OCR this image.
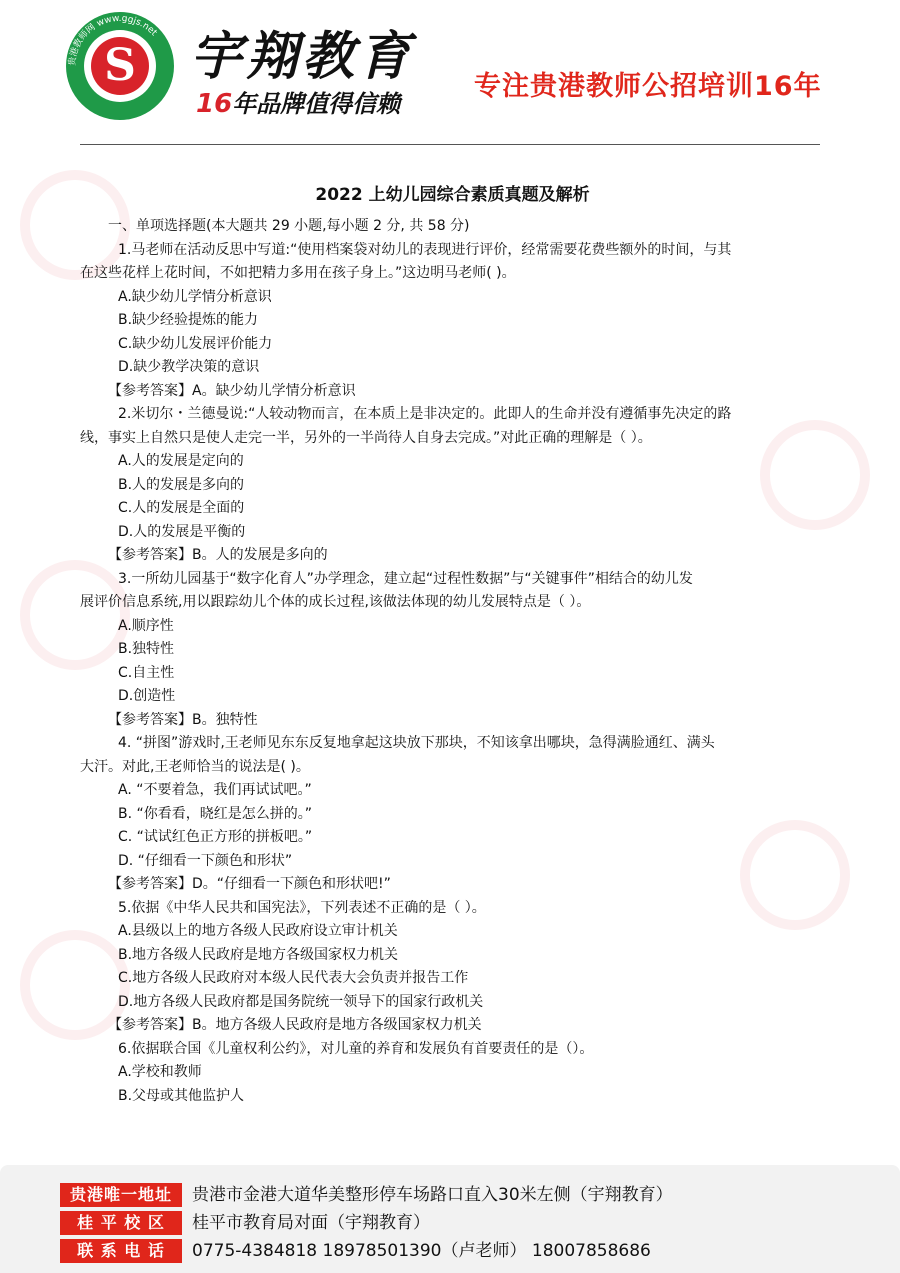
贵港教师网 www.ggjs.net
S 宇翔教育
16年品牌值得信赖
专注贵港教师公招培训16年

2022 上幼儿园综合素质真题及解析

一、单项选择题(本大题共 29 小题,每小题 2 分, 共 58 分)

1.马老师在活动反思中写道:“使用档案袋对幼儿的表现进行评价，经常需要花费些额外的时间，与其

在这些花样上花时间，不如把精力多用在孩子身上。”这边明马老师( )。

A.缺少幼儿学情分析意识

B.缺少经验提炼的能力

C.缺少幼儿发展评价能力

D.缺少教学决策的意识

【参考答案】A。缺少幼儿学情分析意识

2.米切尔・兰德曼说:“人较动物而言，在本质上是非决定的。此即人的生命并没有遵循事先决定的路

线，事实上自然只是使人走完一半，另外的一半尚待人自身去完成。”对此正确的理解是（ ）。

A.人的发展是定向的

B.人的发展是多向的

C.人的发展是全面的

D.人的发展是平衡的

【参考答案】B。人的发展是多向的

3.一所幼儿园基于“数字化育人”办学理念，建立起“过程性数据”与“关键事件”相结合的幼儿发

展评价信息系统,用以跟踪幼儿个体的成长过程,该做法体现的幼儿发展特点是（ ）。

A.顺序性

B.独特性

C.自主性

D.创造性

【参考答案】B。独特性

4. “拼图”游戏时,王老师见东东反复地拿起这块放下那块，不知该拿出哪块，急得满脸通红、满头

大汗。对此,王老师恰当的说法是( )。

A. “不要着急，我们再试试吧。”

B. “你看看，晓红是怎么拼的。”

C. “试试红色正方形的拼板吧。”

D. “仔细看一下颜色和形状”

【参考答案】D。“仔细看一下颜色和形状吧!”

5.依据《中华人民共和国宪法》，下列表述不正确的是（ ）。

A.县级以上的地方各级人民政府设立审计机关

B.地方各级人民政府是地方各级国家权力机关

C.地方各级人民政府对本级人民代表大会负责并报告工作

D.地方各级人民政府都是国务院统一领导下的国家行政机关

【参考答案】B。地方各级人民政府是地方各级国家权力机关

6.依据联合国《儿童权利公约》，对儿童的养育和发展负有首要责任的是（）。

A.学校和教师

B.父母或其他监护人

贵港唯一地址	贵港市金港大道华美整形停车场路口直入30米左侧（宇翔教育）
桂 平 校 区	桂平市教育局对面（宇翔教育）
联 系 电 话	0775-4384818 18978501390（卢老师） 18007858686
